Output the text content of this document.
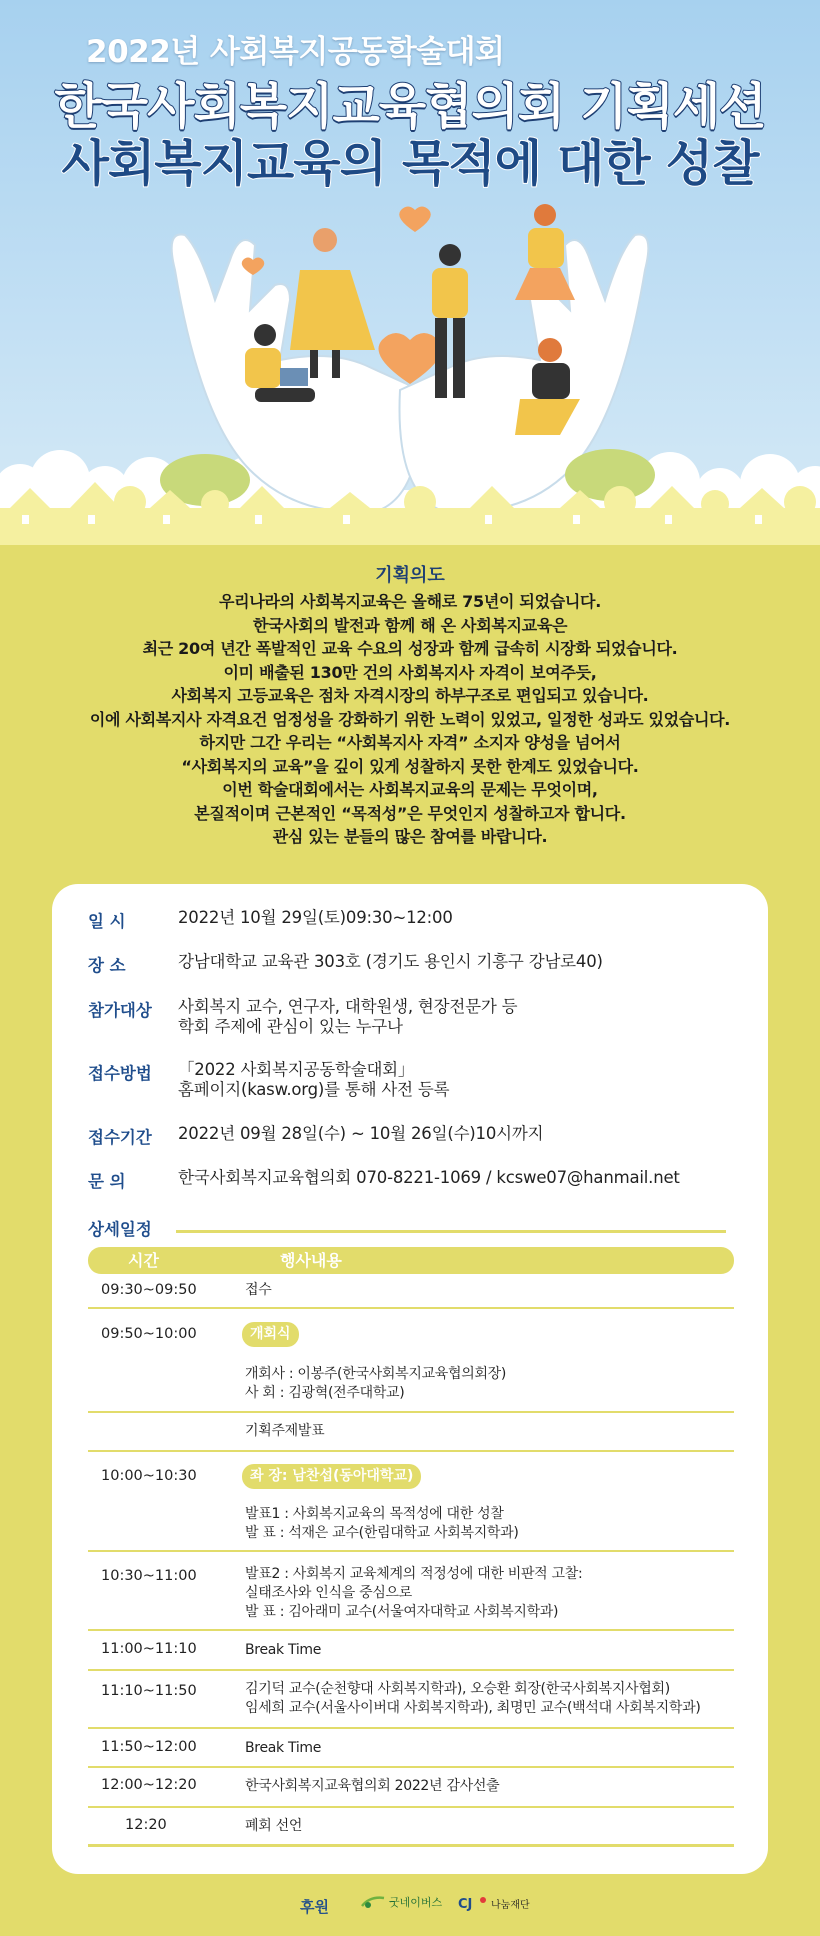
2022년 사회복지공동학술대회
한국사회복지교육협의회 기획세션
사회복지교육의 목적에 대한 성찰
기획의도
우리나라의 사회복지교육은 올해로 75년이 되었습니다.
한국사회의 발전과 함께 해 온 사회복지교육은
최근 20여 년간 폭발적인 교육 수요의 성장과 함께 급속히 시장화 되었습니다.
이미 배출된 130만 건의 사회복지사 자격이 보여주듯,
사회복지 고등교육은 점차 자격시장의 하부구조로 편입되고 있습니다.
이에 사회복지사 자격요건 엄정성을 강화하기 위한 노력이 있었고, 일정한 성과도 있었습니다.
하지만 그간 우리는 “사회복지사 자격” 소지자 양성을 넘어서
“사회복지의 교육”을 깊이 있게 성찰하지 못한 한계도 있었습니다.
이번 학술대회에서는 사회복지교육의 문제는 무엇이며,
본질적이며 근본적인 “목적성”은 무엇인지 성찰하고자 합니다.
관심 있는 분들의 많은 참여를 바랍니다.
일 시	2022년 10월 29일(토)09:30~12:00
장 소	강남대학교 교육관 303호 (경기도 용인시 기흥구 강남로40)
참가대상	사회복지 교수, 연구자, 대학원생, 현장전문가 등
학회 주제에 관심이 있는 누구나
접수방법	「2022 사회복지공동학술대회」
홈페이지(kasw.org)를 통해 사전 등록
접수기간	2022년 09월 28일(수) ~ 10월 26일(수)10시까지
문 의	한국사회복지교육협의회 070-8221-1069 / kcswe07@hanmail.net
상세일정
시간	행사내용
09:30~09:50	접수
09:50~10:00	개회식
개회사 : 이봉주(한국사회복지교육협의회장)
사 회 : 김광혁(전주대학교)
기획주제발표
10:00~10:30	좌 장: 남찬섭(동아대학교)
발표1 : 사회복지교육의 목적성에 대한 성찰
발 표 : 석재은 교수(한림대학교 사회복지학과)
10:30~11:00	발표2 : 사회복지 교육체계의 적정성에 대한 비판적 고찰:
실태조사와 인식을 중심으로
발 표 : 김아래미 교수(서울여자대학교 사회복지학과)
11:00~11:10	Break Time
11:10~11:50	김기덕 교수(순천향대 사회복지학과), 오승환 회장(한국사회복지사협회)
임세희 교수(서울사이버대 사회복지학과), 최명민 교수(백석대 사회복지학과)
11:50~12:00	Break Time
12:00~12:20	한국사회복지교육협의회 2022년 감사선출
12:20	폐회 선언
후원	굿네이버스 CJ 나눔재단
